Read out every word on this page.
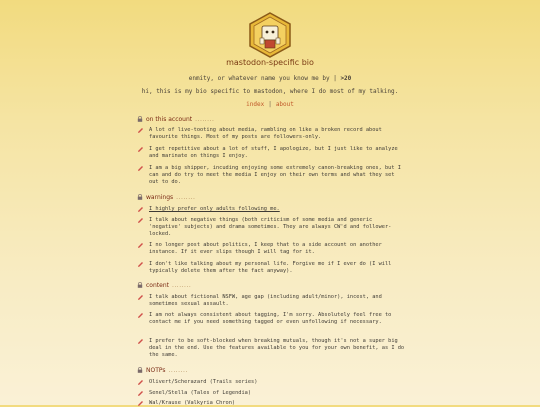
mastodon-specific bio
enmity, or whatever name you know me by | >20
hi, this is my bio specific to mastodon, where I do most of my talking.
index | about
on this account ........

A lot of live-tooting about media, rambling on like a broken record about favourite things. Most of my posts are followers-only.

I get repetitive about a lot of stuff, I apologize, but I just like to analyze and marinate on things I enjoy.

I am a big shipper, incuding enjoying some extremely canon-breaking ones, but I can and do try to meet the media I enjoy on their own terms and what they set out to do.

warnings ........

I highly prefer only adults following me.

I talk about negative things (both criticism of some media and generic 'negative' subjects) and drama sometimes. They are always CW'd and follower-locked.

I no longer post about politics, I keep that to a side account on another instance. If it ever slips though I will tag for it.

I don't like talking about my personal life. Forgive me if I ever do (I will typically delete them after the fact anyway).

content ........

I talk about fictional NSFW, age gap (including adult/minor), incest, and sometimes sexual assault.

I am not always consistent about tagging, I'm sorry. Absolutely feel free to contact me if you need something tagged or even unfollowing if necessary.

I prefer to be soft-blocked when breaking mutuals, though it's not a super big deal in the end. Use the features available to you for your own benefit, as I do the same.

NOTPs ........

Olivert/Scherazard (Trails series)

Senel/Stella (Tales of Legendia)

Wal/Krause (Valkyria Chron)
